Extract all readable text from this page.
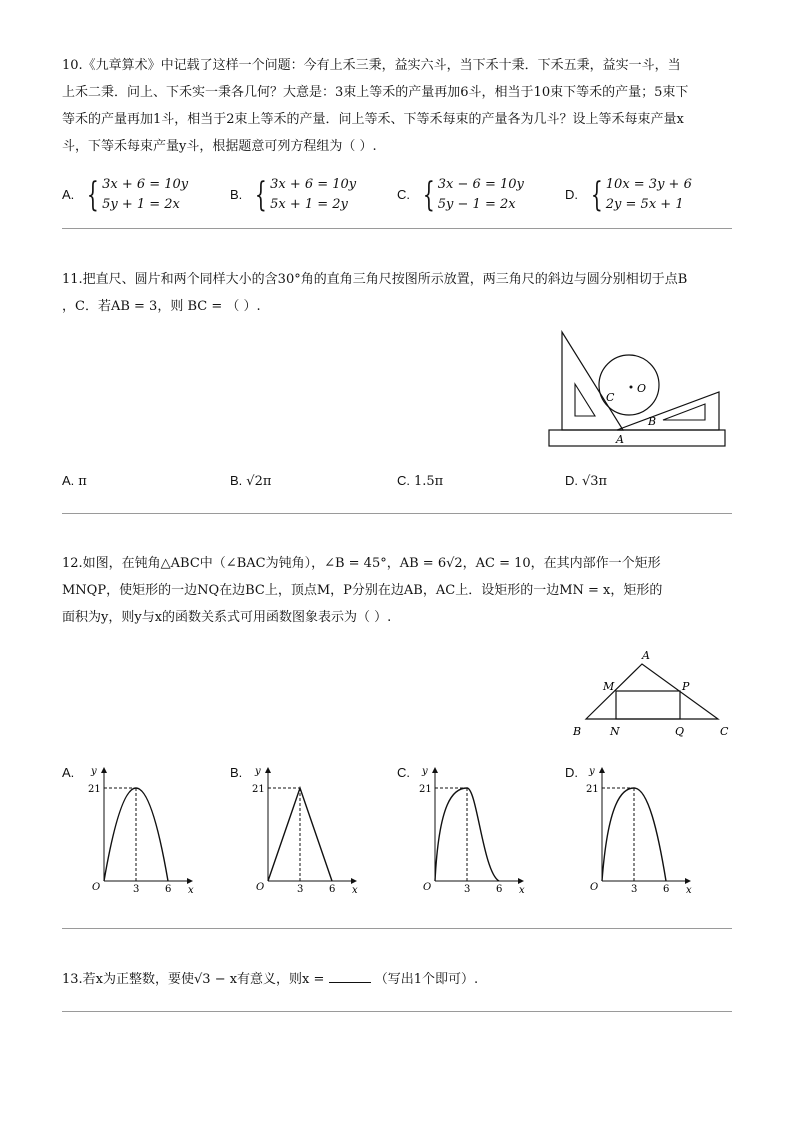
10.《九章算术》中记载了这样一个问题：今有上禾三秉，益实六斗，当下禾十秉．下禾五秉，益实一斗，当

上禾二秉．问上、下禾实一秉各几何？大意是：3束上等禾的产量再加6斗，相当于10束下等禾的产量；5束下

等禾的产量再加1斗，相当于2束上等禾的产量．问上等禾、下等禾每束的产量各为几斗？设上等禾每束产量x

斗，下等禾每束产量y斗，根据题意可列方程组为（ ）.

A. { 3x + 6 = 10y
5y + 1 = 2x
B. { 3x + 6 = 10y
5x + 1 = 2y
C. { 3x − 6 = 10y
5y − 1 = 2x
D. { 10x = 3y + 6
2y = 5x + 1

11.把直尺、圆片和两个同样大小的含30°角的直角三角尺按图所示放置，两三角尺的斜边与圆分别相切于点B

，C．若AB = 3，则 BC = （ ）.

O
C
B
A
A. π	B. √2π	C. 1.5π	D. √3π

12.如图，在钝角△ABC中（∠BAC为钝角），∠B = 45°，AB = 6√2，AC = 10，在其内部作一个矩形

MNQP，使矩形的一边NQ在边BC上，顶点M，P分别在边AB，AC上．设矩形的一边MN = x，矩形的

面积为y，则y与x的函数关系式可用函数图象表示为（ ）.

A
M	P
B	N	Q	C
A.	B.	C.	D.
y
21
O	3	6 x
y
21
O	3	6 x
y
21
O	3	6 x
y
21
O	3	6 x

13.若x为正整数，要使√3 − x有意义，则x =	（写出1个即可）.
